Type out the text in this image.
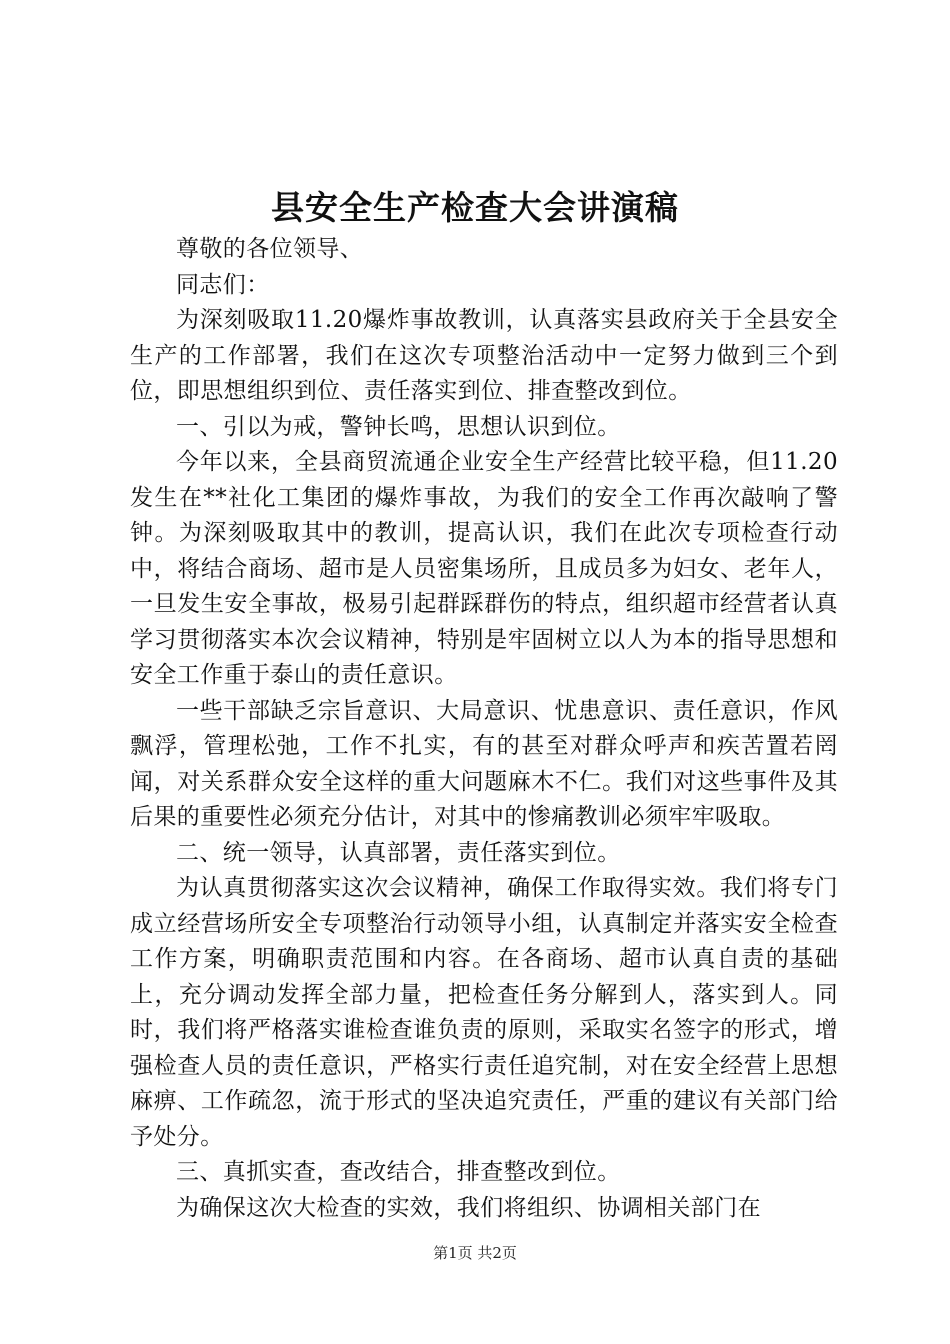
县安全生产检查大会讲演稿

尊敬的各位领导、

同志们：

为深刻吸取11.20爆炸事故教训，认真落实县政府关于全县安全生产的工作部署，我们在这次专项整治活动中一定努力做到三个到位，即思想组织到位、责任落实到位、排查整改到位。

一、引以为戒，警钟长鸣，思想认识到位。

今年以来，全县商贸流通企业安全生产经营比较平稳，但11.20发生在**社化工集团的爆炸事故，为我们的安全工作再次敲响了警钟。为深刻吸取其中的教训，提高认识，我们在此次专项检查行动中，将结合商场、超市是人员密集场所，且成员多为妇女、老年人，一旦发生安全事故，极易引起群踩群伤的特点，组织超市经营者认真学习贯彻落实本次会议精神，特别是牢固树立以人为本的指导思想和安全工作重于泰山的责任意识。

一些干部缺乏宗旨意识、大局意识、忧患意识、责任意识，作风飘浮，管理松弛，工作不扎实，有的甚至对群众呼声和疾苦置若罔闻，对关系群众安全这样的重大问题麻木不仁。我们对这些事件及其后果的重要性必须充分估计，对其中的惨痛教训必须牢牢吸取。

二、统一领导，认真部署，责任落实到位。

为认真贯彻落实这次会议精神，确保工作取得实效。我们将专门成立经营场所安全专项整治行动领导小组，认真制定并落实安全检查工作方案，明确职责范围和内容。在各商场、超市认真自责的基础上，充分调动发挥全部力量，把检查任务分解到人，落实到人。同时，我们将严格落实谁检查谁负责的原则，采取实名签字的形式，增强检查人员的责任意识，严格实行责任追究制，对在安全经营上思想麻痹、工作疏忽，流于形式的坚决追究责任，严重的建议有关部门给予处分。

三、真抓实查，查改结合，排查整改到位。

为确保这次大检查的实效，我们将组织、协调相关部门在

第1页 共2页
